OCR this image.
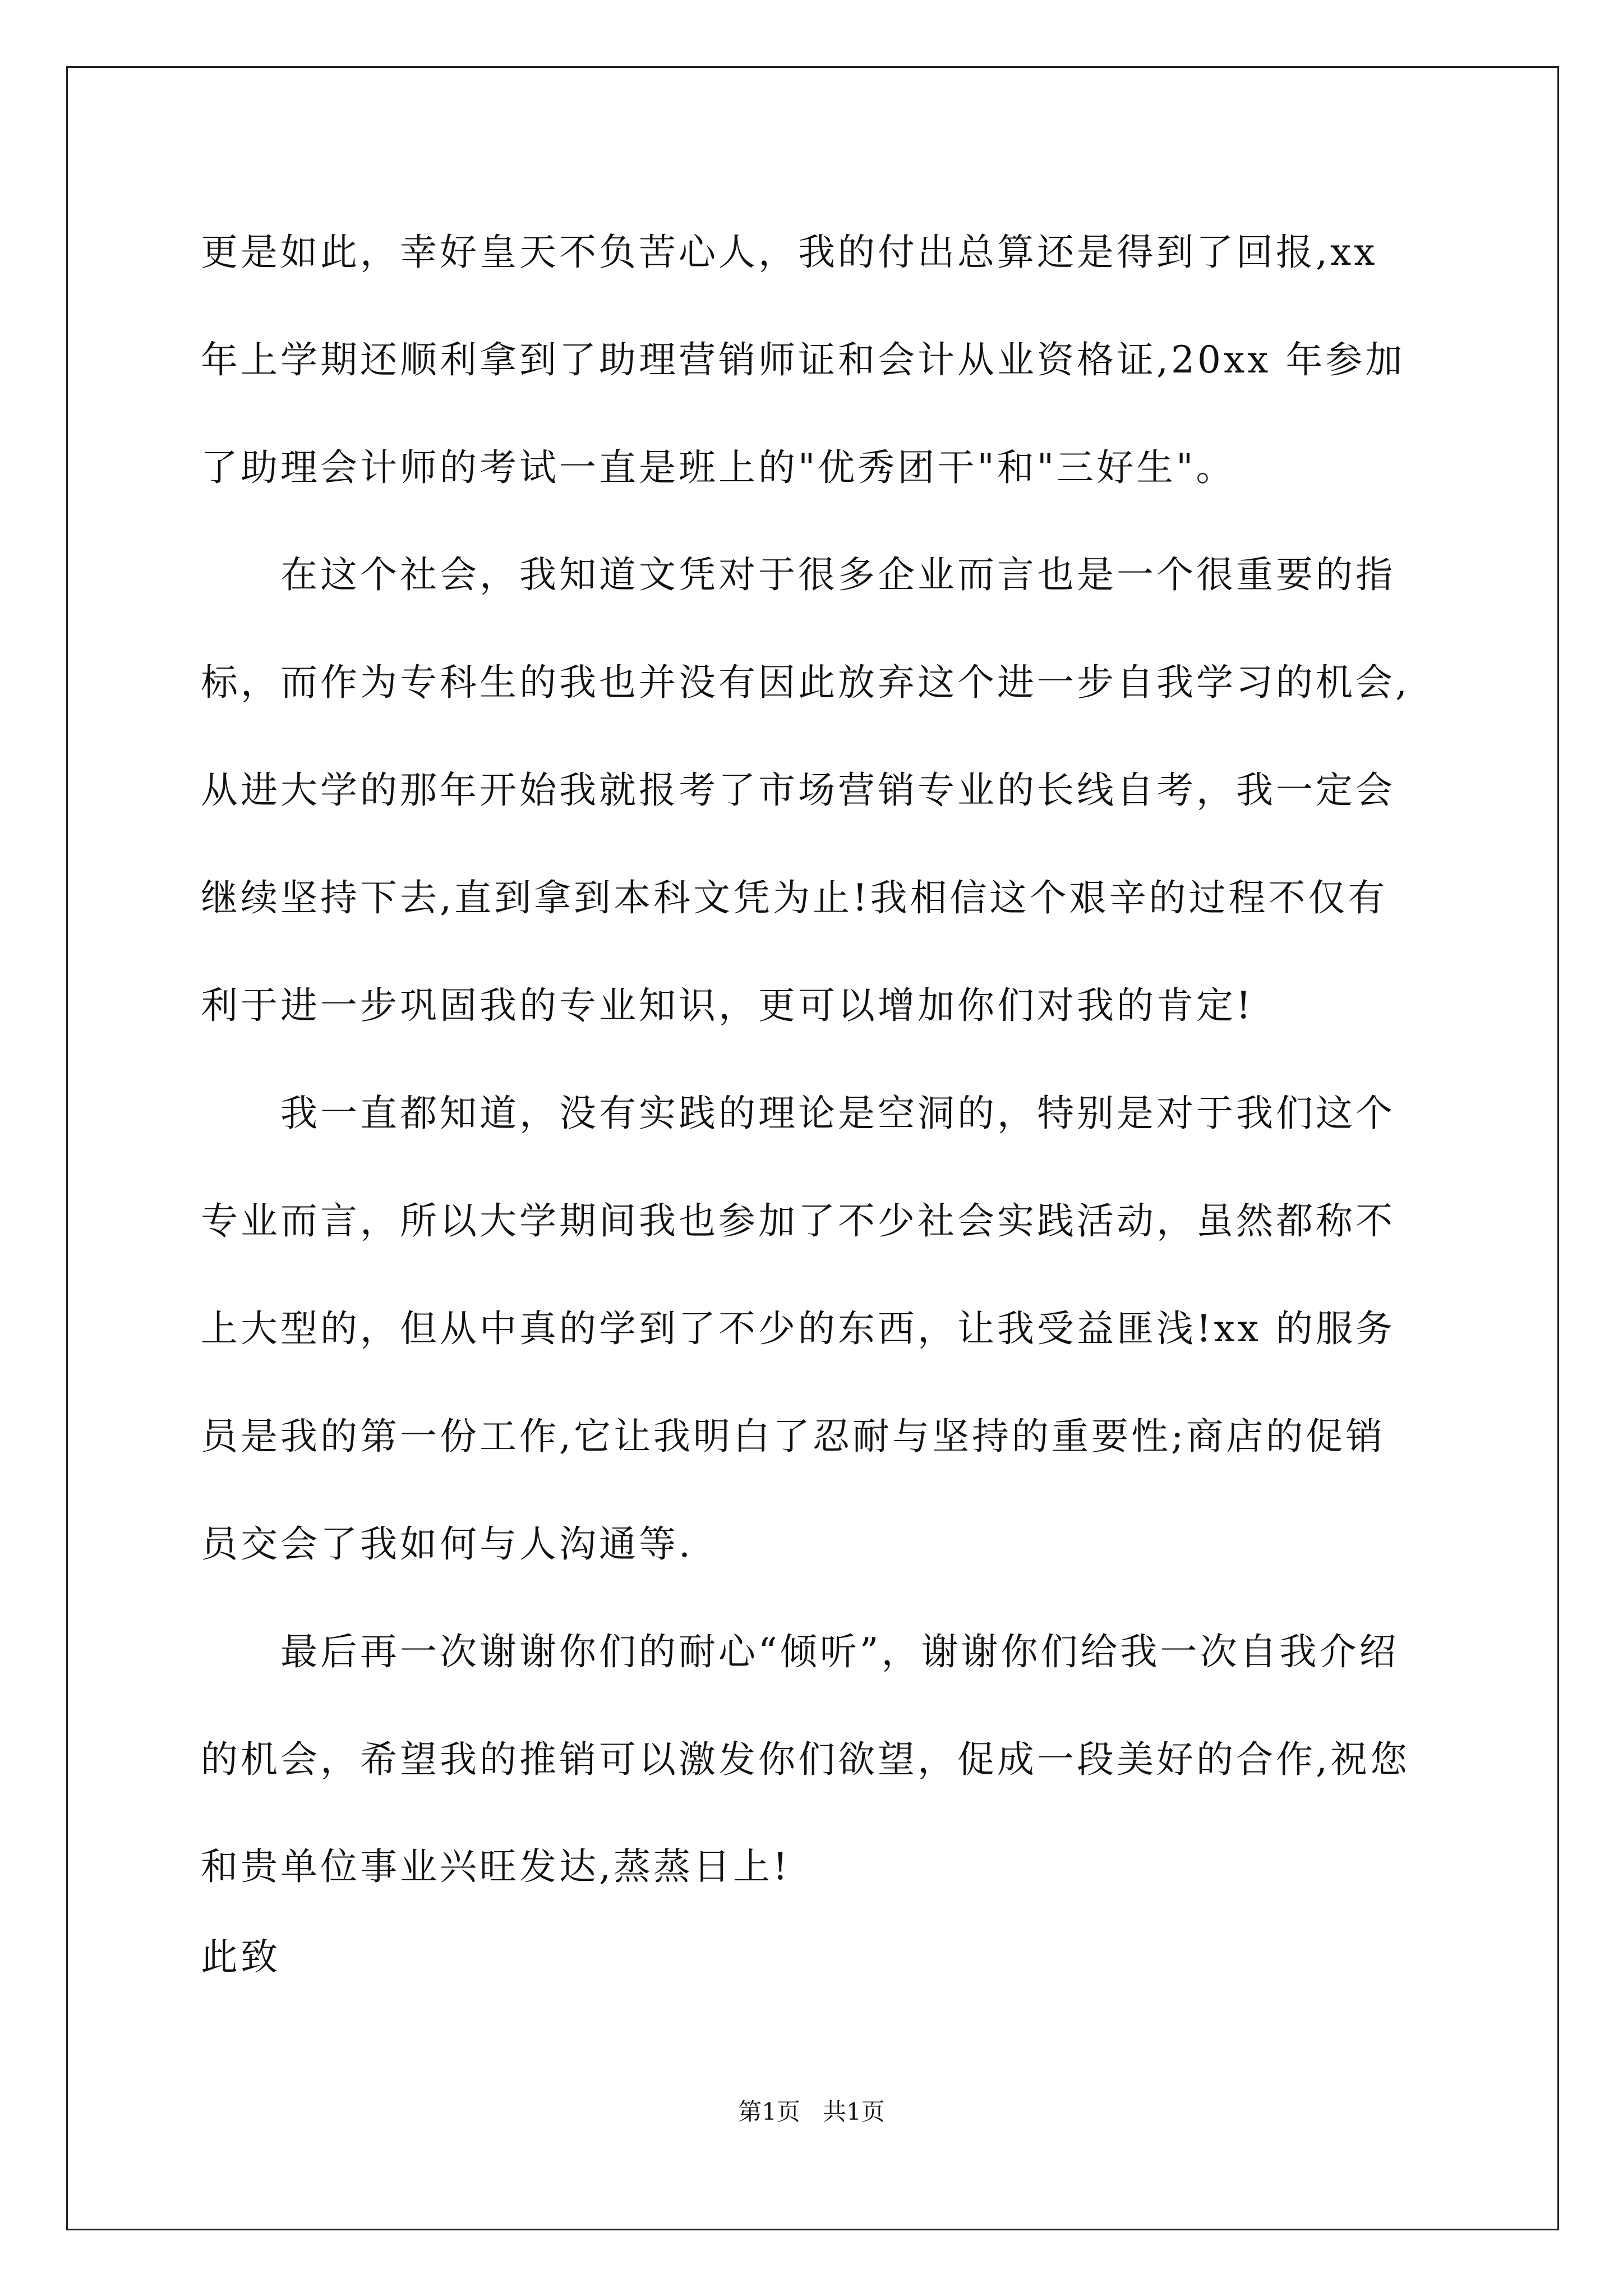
更是如此，幸好皇天不负苦心人，我的付出总算还是得到了回报,xx
年上学期还顺利拿到了助理营销师证和会计从业资格证,20xx 年参加
了助理会计师的考试一直是班上的"优秀团干"和"三好生"。
在这个社会，我知道文凭对于很多企业而言也是一个很重要的指
标，而作为专科生的我也并没有因此放弃这个进一步自我学习的机会,
从进大学的那年开始我就报考了市场营销专业的长线自考，我一定会
继续坚持下去,直到拿到本科文凭为止!我相信这个艰辛的过程不仅有
利于进一步巩固我的专业知识，更可以增加你们对我的肯定!
我一直都知道，没有实践的理论是空洞的，特别是对于我们这个
专业而言，所以大学期间我也参加了不少社会实践活动，虽然都称不
上大型的，但从中真的学到了不少的东西，让我受益匪浅!xx 的服务
员是我的第一份工作,它让我明白了忍耐与坚持的重要性;商店的促销
员交会了我如何与人沟通等.
最后再一次谢谢你们的耐心“倾听”，谢谢你们给我一次自我介绍
的机会，希望我的推销可以激发你们欲望，促成一段美好的合作,祝您
和贵单位事业兴旺发达,蒸蒸日上!
此致
第1页   共1页
